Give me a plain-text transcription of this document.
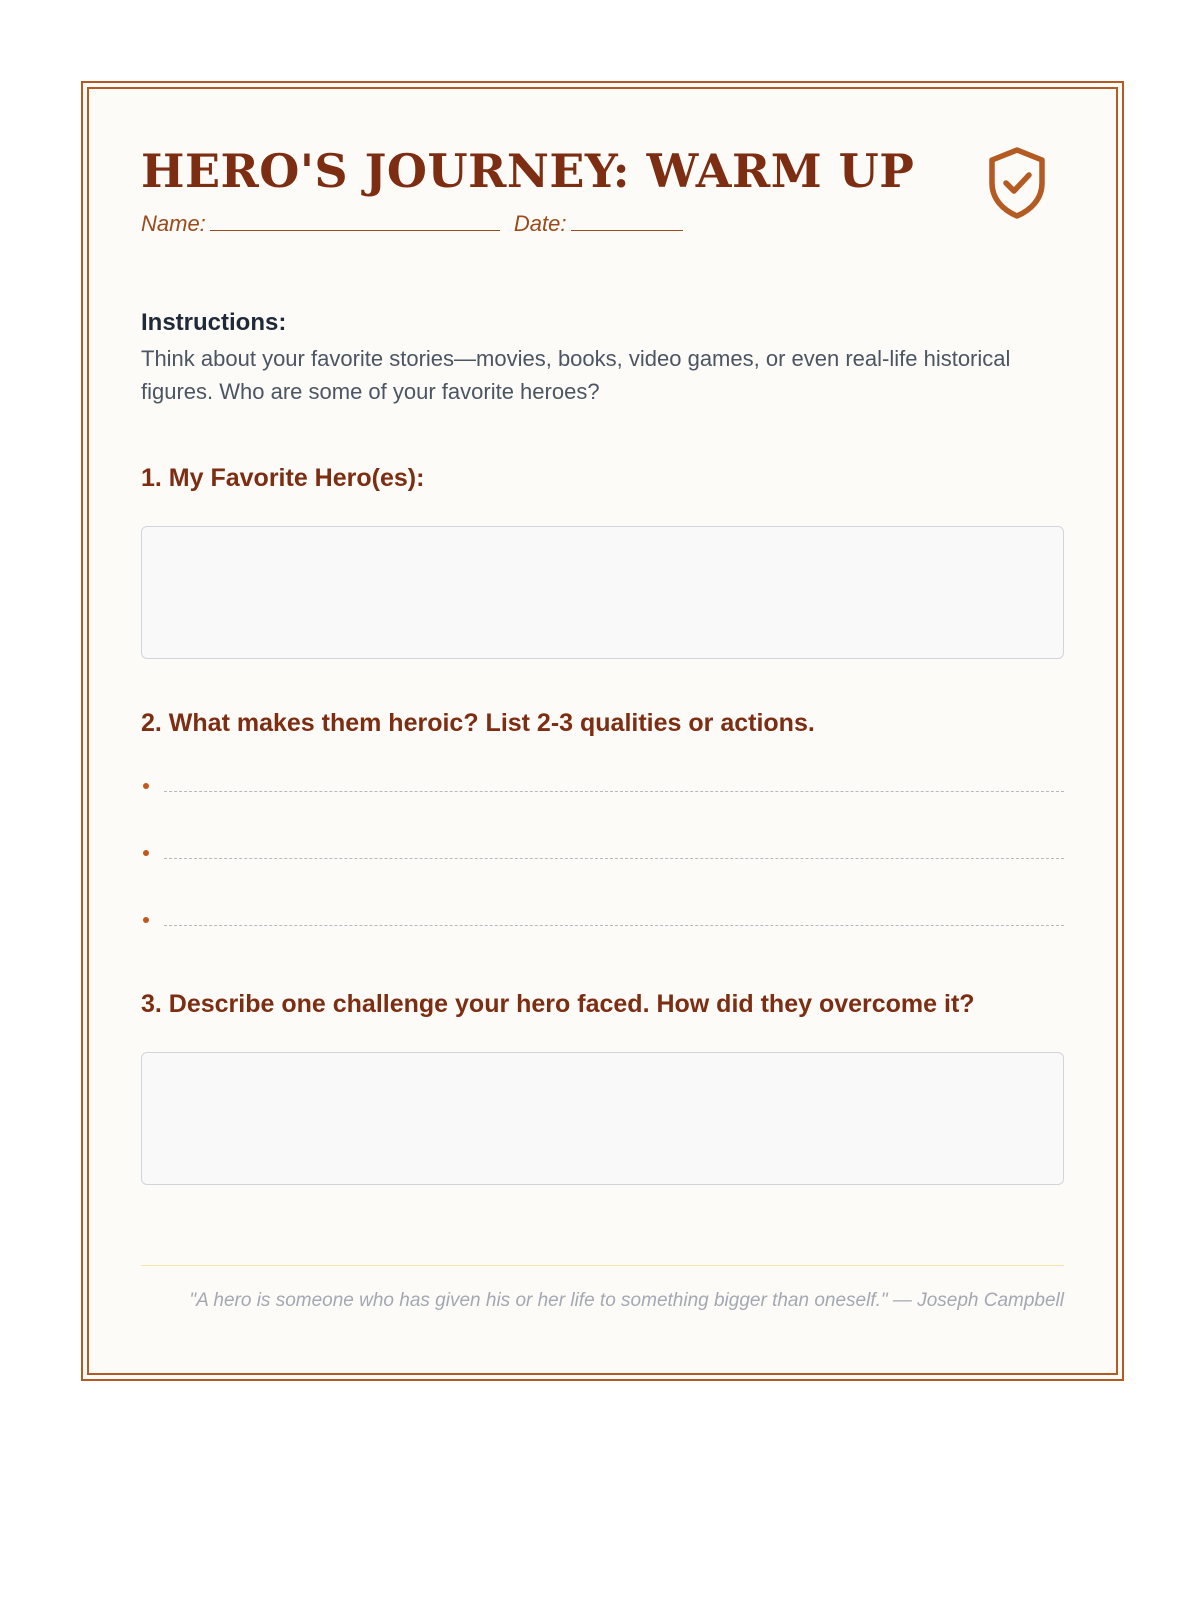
HERO'S JOURNEY: WARM UP
Name:	Date:
Instructions:

Think about your favorite stories—movies, books, video games, or even real-life historical figures. Who are some of your favorite heroes?

1. My Favorite Hero(es):
2. What makes them heroic? List 2-3 qualities or actions.
3. Describe one challenge your hero faced. How did they overcome it?

"A hero is someone who has given his or her life to something bigger than oneself." — Joseph Campbell
